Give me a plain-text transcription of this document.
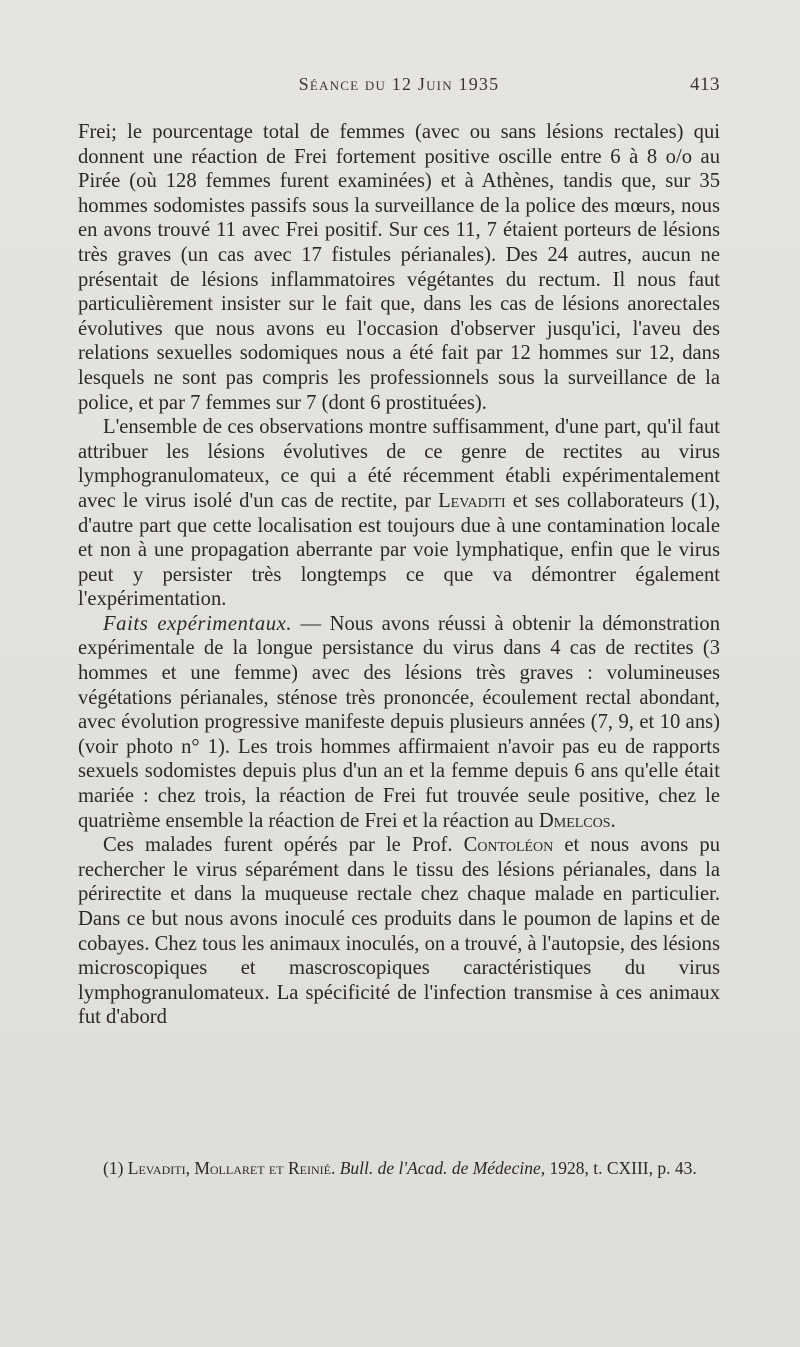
Séance du 12 Juin 1935	413

Frei; le pourcentage total de femmes (avec ou sans lésions rectales) qui donnent une réaction de Frei fortement positive oscille entre 6 à 8 o/o au Pirée (où 128 femmes furent examinées) et à Athènes, tandis que, sur 35 hommes sodomistes passifs sous la surveillance de la police des mœurs, nous en avons trouvé 11 avec Frei positif. Sur ces 11, 7 étaient porteurs de lésions très graves (un cas avec 17 fistules périanales). Des 24 autres, aucun ne présentait de lésions inflammatoires végétantes du rectum. Il nous faut particulièrement insister sur le fait que, dans les cas de lésions anorectales évolutives que nous avons eu l'occasion d'observer jusqu'ici, l'aveu des relations sexuelles sodomiques nous a été fait par 12 hommes sur 12, dans lesquels ne sont pas compris les professionnels sous la surveillance de la police, et par 7 femmes sur 7 (dont 6 prostituées).

L'ensemble de ces observations montre suffisamment, d'une part, qu'il faut attribuer les lésions évolutives de ce genre de rectites au virus lymphogranulomateux, ce qui a été récemment établi expérimentalement avec le virus isolé d'un cas de rectite, par Levaditi et ses collaborateurs (1), d'autre part que cette localisation est toujours due à une contamination locale et non à une propagation aberrante par voie lymphatique, enfin que le virus peut y persister très longtemps ce que va démontrer également l'expérimentation.

Faits expérimentaux. — Nous avons réussi à obtenir la démonstration expérimentale de la longue persistance du virus dans 4 cas de rectites (3 hommes et une femme) avec des lésions très graves : volumineuses végétations périanales, sténose très prononcée, écoulement rectal abondant, avec évolution progressive manifeste depuis plusieurs années (7, 9, et 10 ans) (voir photo n° 1). Les trois hommes affirmaient n'avoir pas eu de rapports sexuels sodomistes depuis plus d'un an et la femme depuis 6 ans qu'elle était mariée : chez trois, la réaction de Frei fut trouvée seule positive, chez le quatrième ensemble la réaction de Frei et la réaction au Dmelcos.

Ces malades furent opérés par le Prof. Contoléon et nous avons pu rechercher le virus séparément dans le tissu des lésions périanales, dans la périrectite et dans la muqueuse rectale chez chaque malade en particulier. Dans ce but nous avons inoculé ces produits dans le poumon de lapins et de cobayes. Chez tous les animaux inoculés, on a trouvé, à l'autopsie, des lésions microscopiques et mascroscopiques caractéristiques du virus lymphogranulomateux. La spécificité de l'infection transmise à ces animaux fut d'abord

(1) Levaditi, Mollaret et Reinié. Bull. de l'Acad. de Médecine, 1928, t. CXIII, p. 43.
